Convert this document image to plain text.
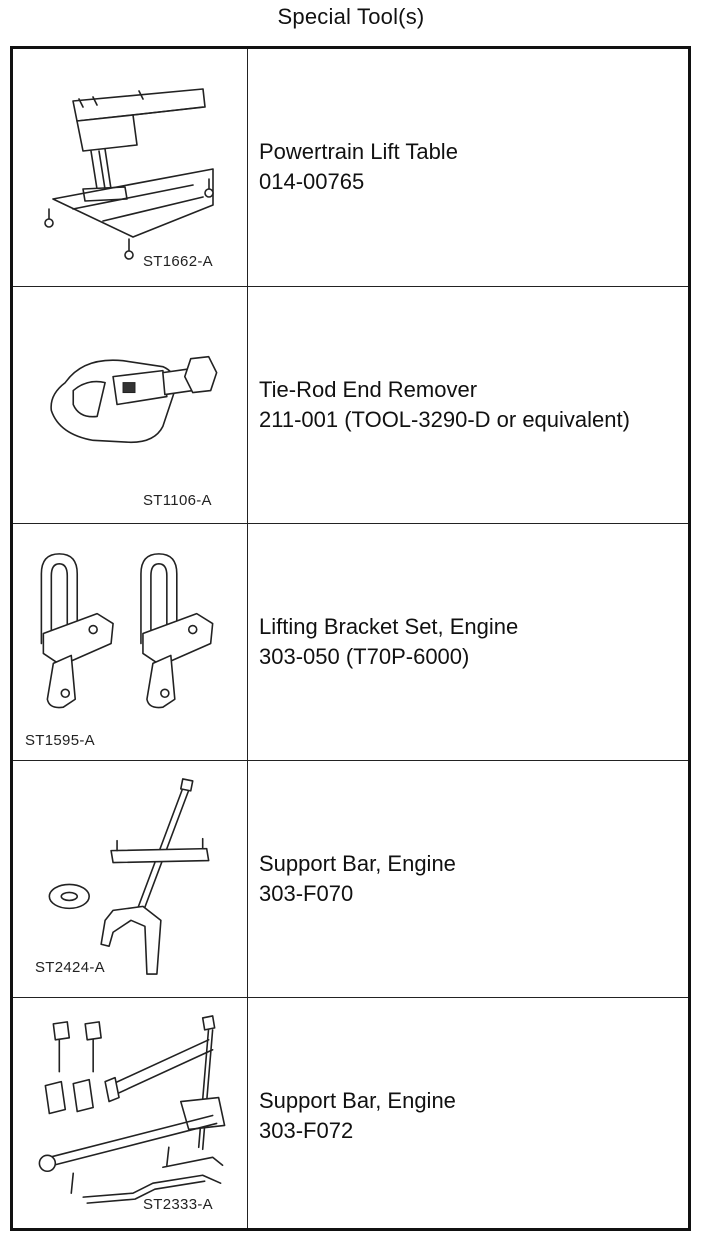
Special Tool(s)
ST1662-A
Powertrain Lift Table
014-00765
ST1106-A
Tie-Rod End Remover
211-001 (TOOL-3290-D or equivalent)
ST1595-A
Lifting Bracket Set, Engine
303-050 (T70P-6000)
ST2424-A
Support Bar, Engine
303-F070
ST2333-A
Support Bar, Engine
303-F072
